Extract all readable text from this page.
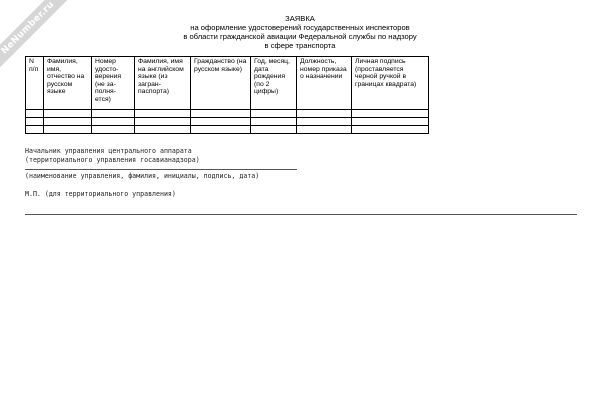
NeNumber.ru	ЗАЯВКА
на оформление удостоверений государственных инспекторов
в области гражданской авиации Федеральной службы по надзору
в сфере транспорта
N п/п	Фамилия, имя, отчество на русском языке	Номер удосто- верения (не за- полня- ется)	Фамилия, имя на английском языке (из загран- паспорта)	Гражданство (на русском языке)	Год, месяц, дата рождения (по 2 цифры)	Должность, номер приказа о назначении	Личная подпись (проставляется черной ручкой в границах квадрата)

Начальник управления центрального аппарата
(территориального управления госавианадзора)
(наименование управления, фамилия, инициалы, подпись, дата)
М.П. (для территориального управления)
